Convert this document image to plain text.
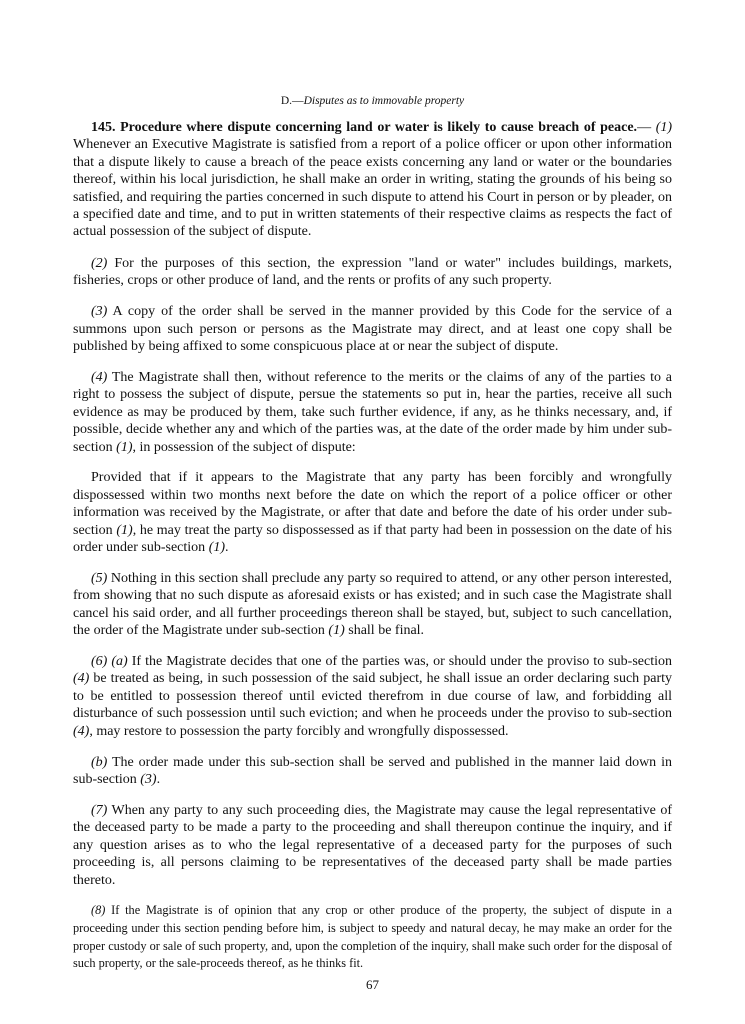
D.—Disputes as to immovable property

145. Procedure where dispute concerning land or water is likely to cause breach of peace.— (1) Whenever an Executive Magistrate is satisfied from a report of a police officer or upon other information that a dispute likely to cause a breach of the peace exists concerning any land or water or the boundaries thereof, within his local jurisdiction, he shall make an order in writing, stating the grounds of his being so satisfied, and requiring the parties concerned in such dispute to attend his Court in person or by pleader, on a specified date and time, and to put in written statements of their respective claims as respects the fact of actual possession of the subject of dispute.

(2) For the purposes of this section, the expression "land or water" includes buildings, markets, fisheries, crops or other produce of land, and the rents or profits of any such property.

(3) A copy of the order shall be served in the manner provided by this Code for the service of a summons upon such person or persons as the Magistrate may direct, and at least one copy shall be published by being affixed to some conspicuous place at or near the subject of dispute.

(4) The Magistrate shall then, without reference to the merits or the claims of any of the parties to a right to possess the subject of dispute, persue the statements so put in, hear the parties, receive all such evidence as may be produced by them, take such further evidence, if any, as he thinks necessary, and, if possible, decide whether any and which of the parties was, at the date of the order made by him under sub-section (1), in possession of the subject of dispute:

Provided that if it appears to the Magistrate that any party has been forcibly and wrongfully dispossessed within two months next before the date on which the report of a police officer or other information was received by the Magistrate, or after that date and before the date of his order under sub-section (1), he may treat the party so dispossessed as if that party had been in possession on the date of his order under sub-section (1).

(5) Nothing in this section shall preclude any party so required to attend, or any other person interested, from showing that no such dispute as aforesaid exists or has existed; and in such case the Magistrate shall cancel his said order, and all further proceedings thereon shall be stayed, but, subject to such cancellation, the order of the Magistrate under sub-section (1) shall be final.

(6) (a) If the Magistrate decides that one of the parties was, or should under the proviso to sub-section (4) be treated as being, in such possession of the said subject, he shall issue an order declaring such party to be entitled to possession thereof until evicted therefrom in due course of law, and forbidding all disturbance of such possession until such eviction; and when he proceeds under the proviso to sub-section (4), may restore to possession the party forcibly and wrongfully dispossessed.

(b) The order made under this sub-section shall be served and published in the manner laid down in sub-section (3).

(7) When any party to any such proceeding dies, the Magistrate may cause the legal representative of the deceased party to be made a party to the proceeding and shall thereupon continue the inquiry, and if any question arises as to who the legal representative of a deceased party for the purposes of such proceeding is, all persons claiming to be representatives of the deceased party shall be made parties thereto.

(8) If the Magistrate is of opinion that any crop or other produce of the property, the subject of dispute in a proceeding under this section pending before him, is subject to speedy and natural decay, he may make an order for the proper custody or sale of such property, and, upon the completion of the inquiry, shall make such order for the disposal of such property, or the sale-proceeds thereof, as he thinks fit.

67
